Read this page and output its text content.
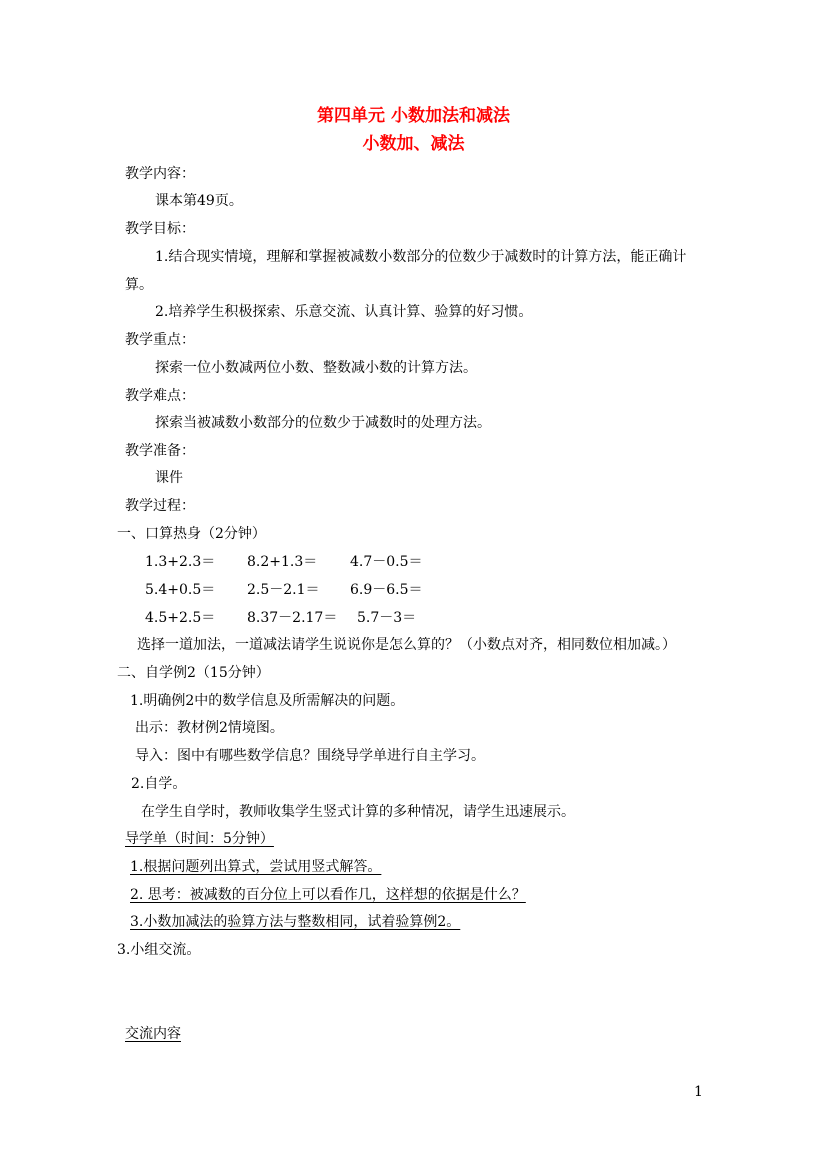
第四单元 小数加法和减法
小数加、减法
教学内容：
课本第49页。
教学目标：
1.结合现实情境，理解和掌握被减数小数部分的位数少于减数时的计算方法，能正确计
算。
2.培养学生积极探索、乐意交流、认真计算、验算的好习惯。
教学重点：
探索一位小数减两位小数、整数减小数的计算方法。
教学难点：
探索当被减数小数部分的位数少于减数时的处理方法。
教学准备：
课件
教学过程：
一、口算热身（2分钟）
1.3+2.3＝ 8.2+1.3＝ 4.7－0.5＝
5.4+0.5＝ 2.5－2.1＝ 6.9－6.5＝
4.5+2.5＝ 8.37－2.17＝ 5.7－3＝
选择一道加法，一道减法请学生说说你是怎么算的？（小数点对齐，相同数位相加减。）
二、自学例2（15分钟）
1.明确例2中的数学信息及所需解决的问题。
出示：教材例2情境图。
导入：图中有哪些数学信息？围绕导学单进行自主学习。
2.自学。
在学生自学时，教师收集学生竖式计算的多种情况，请学生迅速展示。
导学单（时间：5分钟）
1.根据问题列出算式，尝试用竖式解答。
2. 思考：被减数的百分位上可以看作几，这样想的依据是什么？
3.小数加减法的验算方法与整数相同，试着验算例2。
3.小组交流。
交流内容
1
